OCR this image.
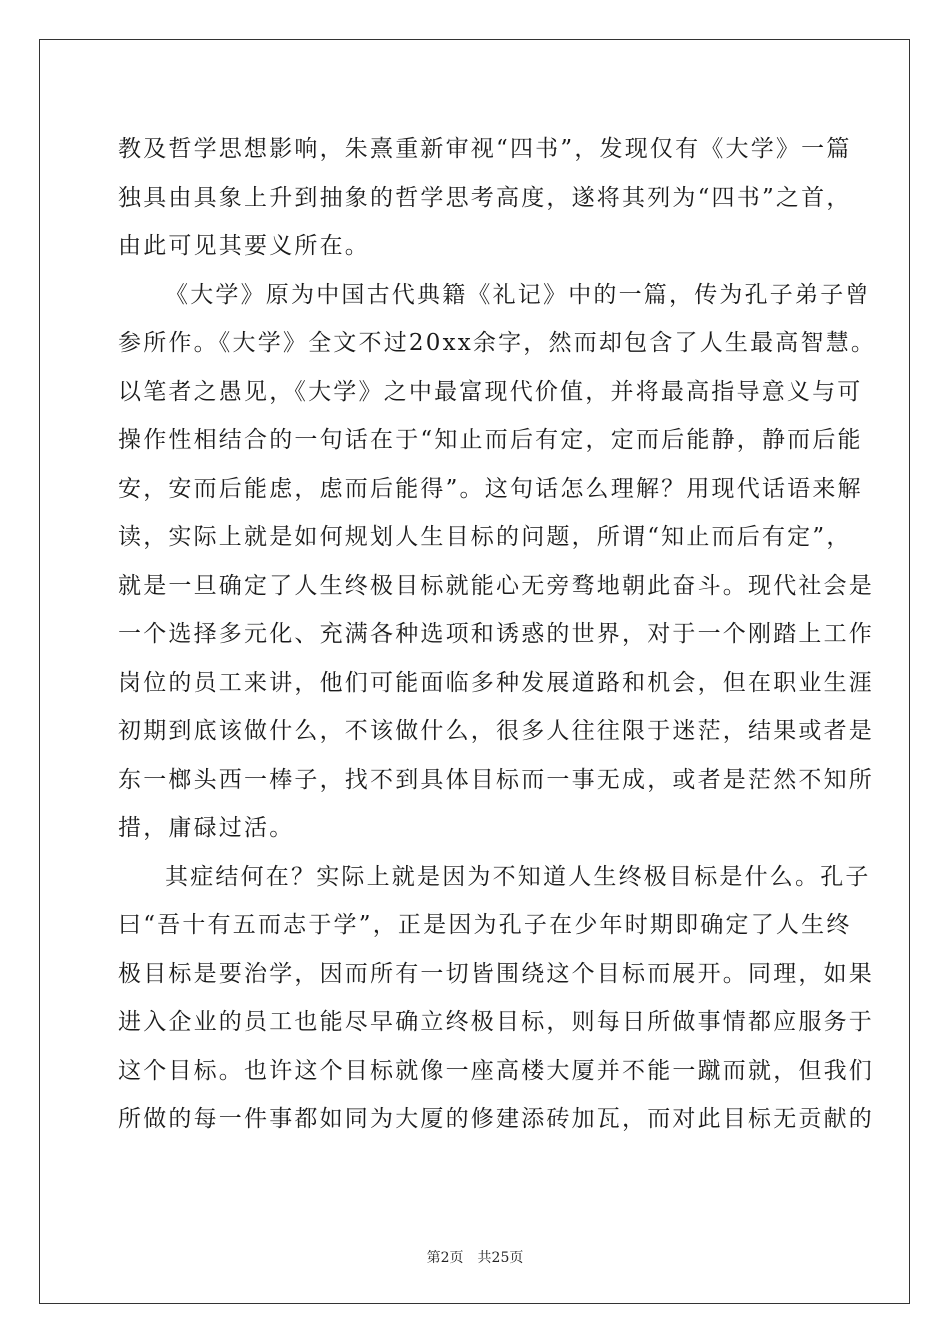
教及哲学思想影响，朱熹重新审视“四书”，发现仅有《大学》一篇

独具由具象上升到抽象的哲学思考高度，遂将其列为“四书”之首，

由此可见其要义所在。

《大学》原为中国古代典籍《礼记》中的一篇，传为孔子弟子曾

参所作。《大学》全文不过20xx余字，然而却包含了人生最高智慧。

以笔者之愚见，《大学》之中最富现代价值，并将最高指导意义与可

操作性相结合的一句话在于“知止而后有定，定而后能静，静而后能

安，安而后能虑，虑而后能得”。这句话怎么理解？用现代话语来解

读，实际上就是如何规划人生目标的问题，所谓“知止而后有定”，

就是一旦确定了人生终极目标就能心无旁骛地朝此奋斗。现代社会是

一个选择多元化、充满各种选项和诱惑的世界，对于一个刚踏上工作

岗位的员工来讲，他们可能面临多种发展道路和机会，但在职业生涯

初期到底该做什么，不该做什么，很多人往往限于迷茫，结果或者是

东一榔头西一棒子，找不到具体目标而一事无成，或者是茫然不知所

措，庸碌过活。

其症结何在？实际上就是因为不知道人生终极目标是什么。孔子

曰“吾十有五而志于学”，正是因为孔子在少年时期即确定了人生终

极目标是要治学，因而所有一切皆围绕这个目标而展开。同理，如果

进入企业的员工也能尽早确立终极目标，则每日所做事情都应服务于

这个目标。也许这个目标就像一座高楼大厦并不能一蹴而就，但我们

所做的每一件事都如同为大厦的修建添砖加瓦，而对此目标无贡献的

第2页 共25页
